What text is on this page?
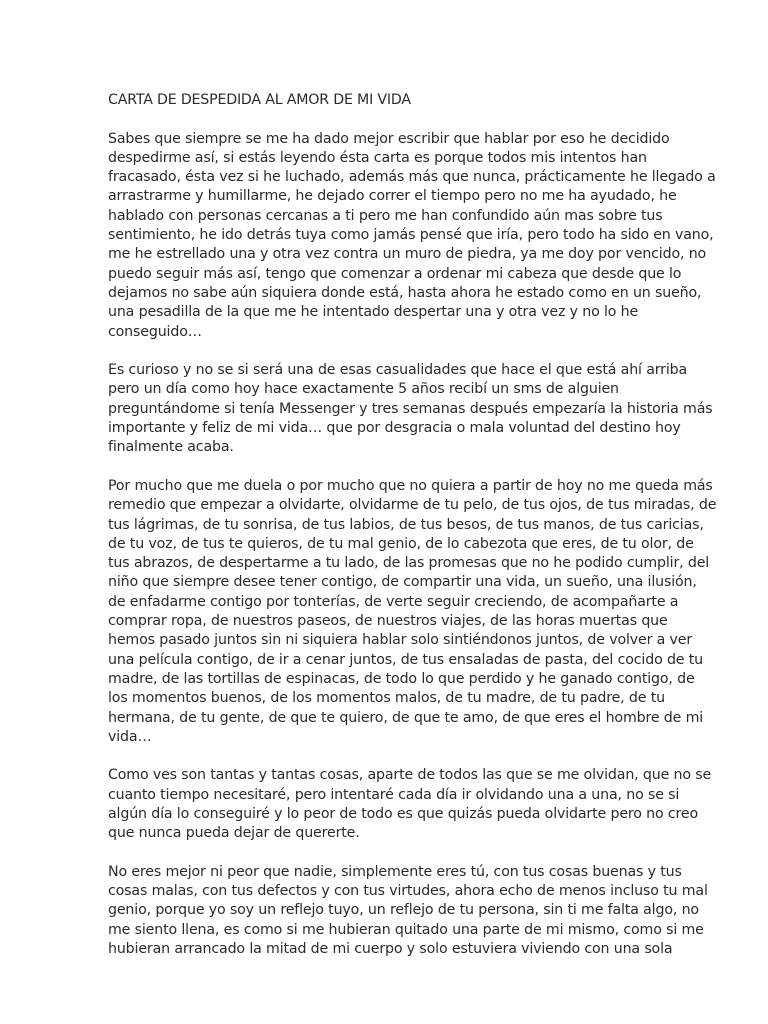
CARTA DE DESPEDIDA AL AMOR DE MI VIDA
Sabes que siempre se me ha dado mejor escribir que hablar por eso he decidido
despedirme así, si estás leyendo ésta carta es porque todos mis intentos han
fracasado, ésta vez si he luchado, además más que nunca, prácticamente he llegado a
arrastrarme y humillarme, he dejado correr el tiempo pero no me ha ayudado, he
hablado con personas cercanas a ti pero me han confundido aún mas sobre tus
sentimiento, he ido detrás tuya como jamás pensé que iría, pero todo ha sido en vano,
me he estrellado una y otra vez contra un muro de piedra, ya me doy por vencido, no
puedo seguir más así, tengo que comenzar a ordenar mi cabeza que desde que lo
dejamos no sabe aún siquiera donde está, hasta ahora he estado como en un sueño,
una pesadilla de la que me he intentado despertar una y otra vez y no lo he
conseguido…
Es curioso y no se si será una de esas casualidades que hace el que está ahí arriba
pero un día como hoy hace exactamente 5 años recibí un sms de alguien
preguntándome si tenía Messenger y tres semanas después empezaría la historia más
importante y feliz de mi vida… que por desgracia o mala voluntad del destino hoy
finalmente acaba.
Por mucho que me duela o por mucho que no quiera a partir de hoy no me queda más
remedio que empezar a olvidarte, olvidarme de tu pelo, de tus ojos, de tus miradas, de
tus lágrimas, de tu sonrisa, de tus labios, de tus besos, de tus manos, de tus caricias,
de tu voz, de tus te quieros, de tu mal genio, de lo cabezota que eres, de tu olor, de
tus abrazos, de despertarme a tu lado, de las promesas que no he podido cumplir, del
niño que siempre desee tener contigo, de compartir una vida, un sueño, una ilusión,
de enfadarme contigo por tonterías, de verte seguir creciendo, de acompañarte a
comprar ropa, de nuestros paseos, de nuestros viajes, de las horas muertas que
hemos pasado juntos sin ni siquiera hablar solo sintiéndonos juntos, de volver a ver
una película contigo, de ir a cenar juntos, de tus ensaladas de pasta, del cocido de tu
madre, de las tortillas de espinacas, de todo lo que perdido y he ganado contigo, de
los momentos buenos, de los momentos malos, de tu madre, de tu padre, de tu
hermana, de tu gente, de que te quiero, de que te amo, de que eres el hombre de mi
vida…
Como ves son tantas y tantas cosas, aparte de todos las que se me olvidan, que no se
cuanto tiempo necesitaré, pero intentaré cada día ir olvidando una a una, no se si
algún día lo conseguiré y lo peor de todo es que quizás pueda olvidarte pero no creo
que nunca pueda dejar de quererte.
No eres mejor ni peor que nadie, simplemente eres tú, con tus cosas buenas y tus
cosas malas, con tus defectos y con tus virtudes, ahora echo de menos incluso tu mal
genio, porque yo soy un reflejo tuyo, un reflejo de tu persona, sin ti me falta algo, no
me siento llena, es como si me hubieran quitado una parte de mi mismo, como si me
hubieran arrancado la mitad de mi cuerpo y solo estuviera viviendo con una sola
